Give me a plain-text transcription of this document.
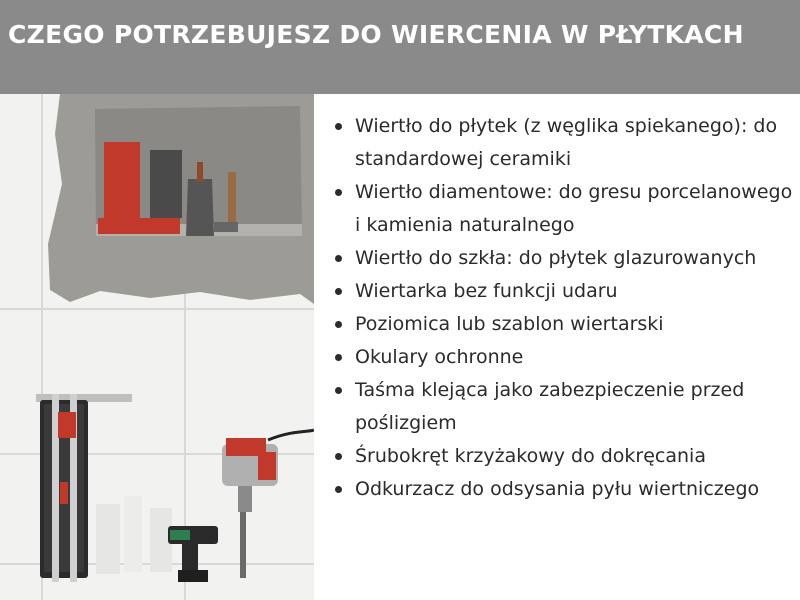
CZEGO POTRZEBUJESZ DO WIERCENIA W PŁYTKACH
Wiertło do płytek (z węglika spiekanego): do standardowej ceramiki
Wiertło diamentowe: do gresu porcelanowego i kamienia naturalnego
Wiertło do szkła: do płytek glazurowanych
Wiertarka bez funkcji udaru
Poziomica lub szablon wiertarski
Okulary ochronne
Taśma klejąca jako zabezpieczenie przed poślizgiem
Śrubokręt krzyżakowy do dokręcania
Odkurzacz do odsysania pyłu wiertniczego
